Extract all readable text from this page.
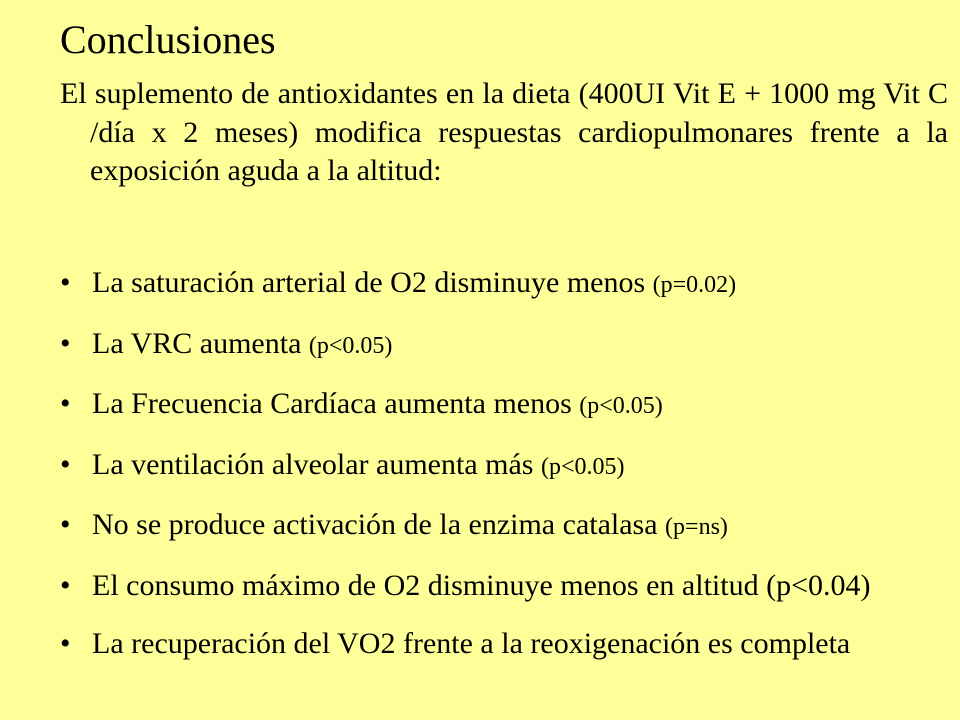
Conclusiones
El suplemento de antioxidantes en la dieta (400UI Vit E + 1000 mg Vit C /día x 2 meses) modifica respuestas cardiopulmonares frente a la exposición aguda a la altitud:
• La saturación arterial de O2 disminuye menos (p=0.02)
• La VRC aumenta (p<0.05)
• La Frecuencia Cardíaca aumenta menos (p<0.05)
• La ventilación alveolar aumenta más (p<0.05)
• No se produce activación de la enzima catalasa (p=ns)
• El consumo máximo de O2 disminuye menos en altitud (p<0.04)
• La recuperación del VO2 frente a la reoxigenación es completa
